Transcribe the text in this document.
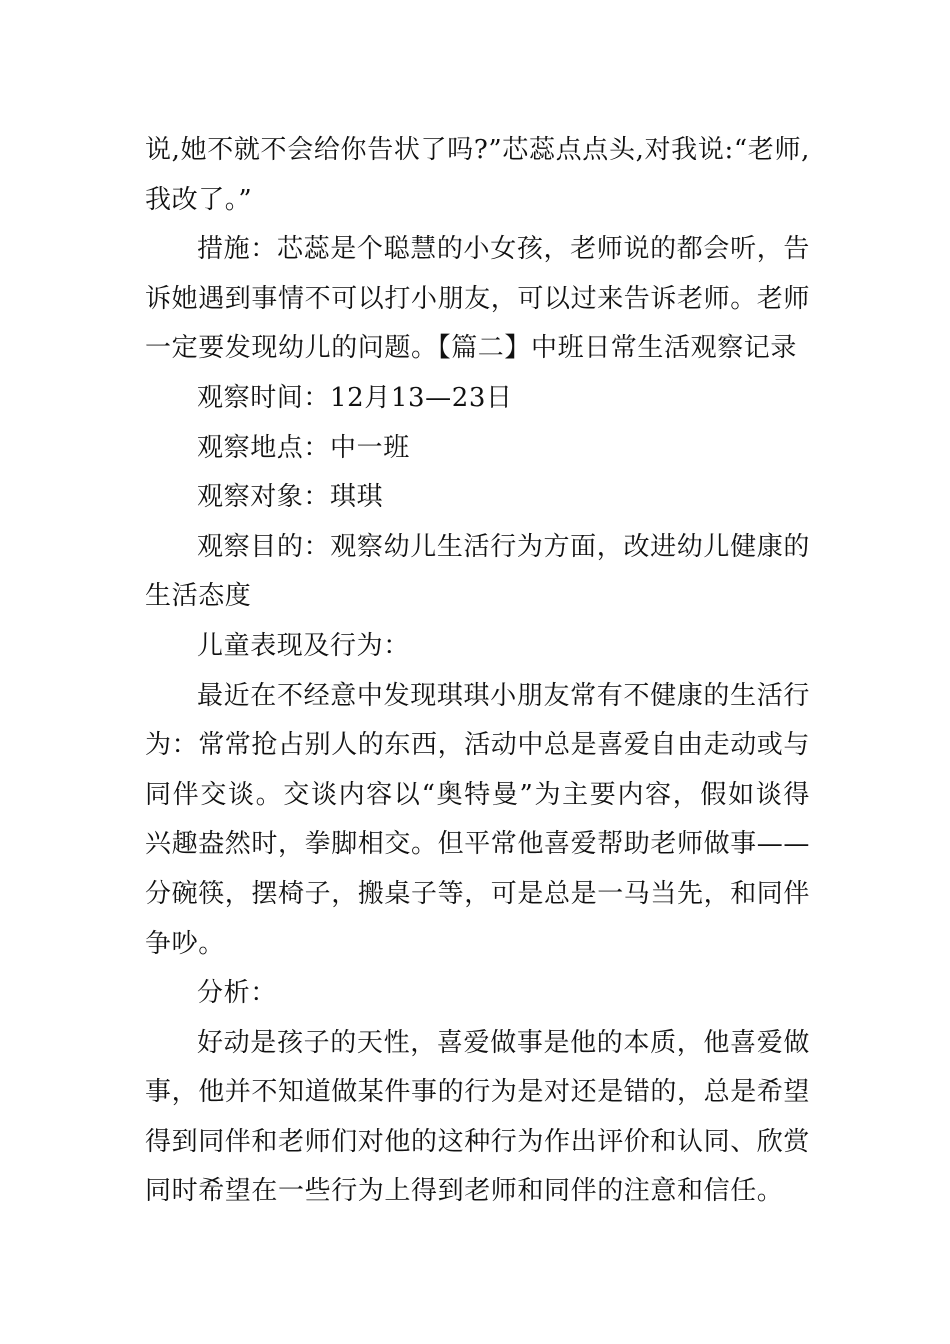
说,她不就不会给你告状了吗?”芯蕊点点头,对我说:“老师,我改了。”

措施：芯蕊是个聪慧的小女孩，老师说的都会听，告诉她遇到事情不可以打小朋友，可以过来告诉老师。老师一定要发现幼儿的问题。【篇二】中班日常生活观察记录

观察时间：12月13—23日

观察地点：中一班

观察对象：琪琪

观察目的：观察幼儿生活行为方面，改进幼儿健康的生活态度

儿童表现及行为：

最近在不经意中发现琪琪小朋友常有不健康的生活行为：常常抢占别人的东西，活动中总是喜爱自由走动或与同伴交谈。交谈内容以“奥特曼”为主要内容，假如谈得兴趣盎然时，拳脚相交。但平常他喜爱帮助老师做事——分碗筷，摆椅子，搬桌子等，可是总是一马当先，和同伴争吵。

分析：

好动是孩子的天性，喜爱做事是他的本质，他喜爱做事，他并不知道做某件事的行为是对还是错的，总是希望得到同伴和老师们对他的这种行为作出评价和认同、欣赏同时希望在一些行为上得到老师和同伴的注意和信任。
